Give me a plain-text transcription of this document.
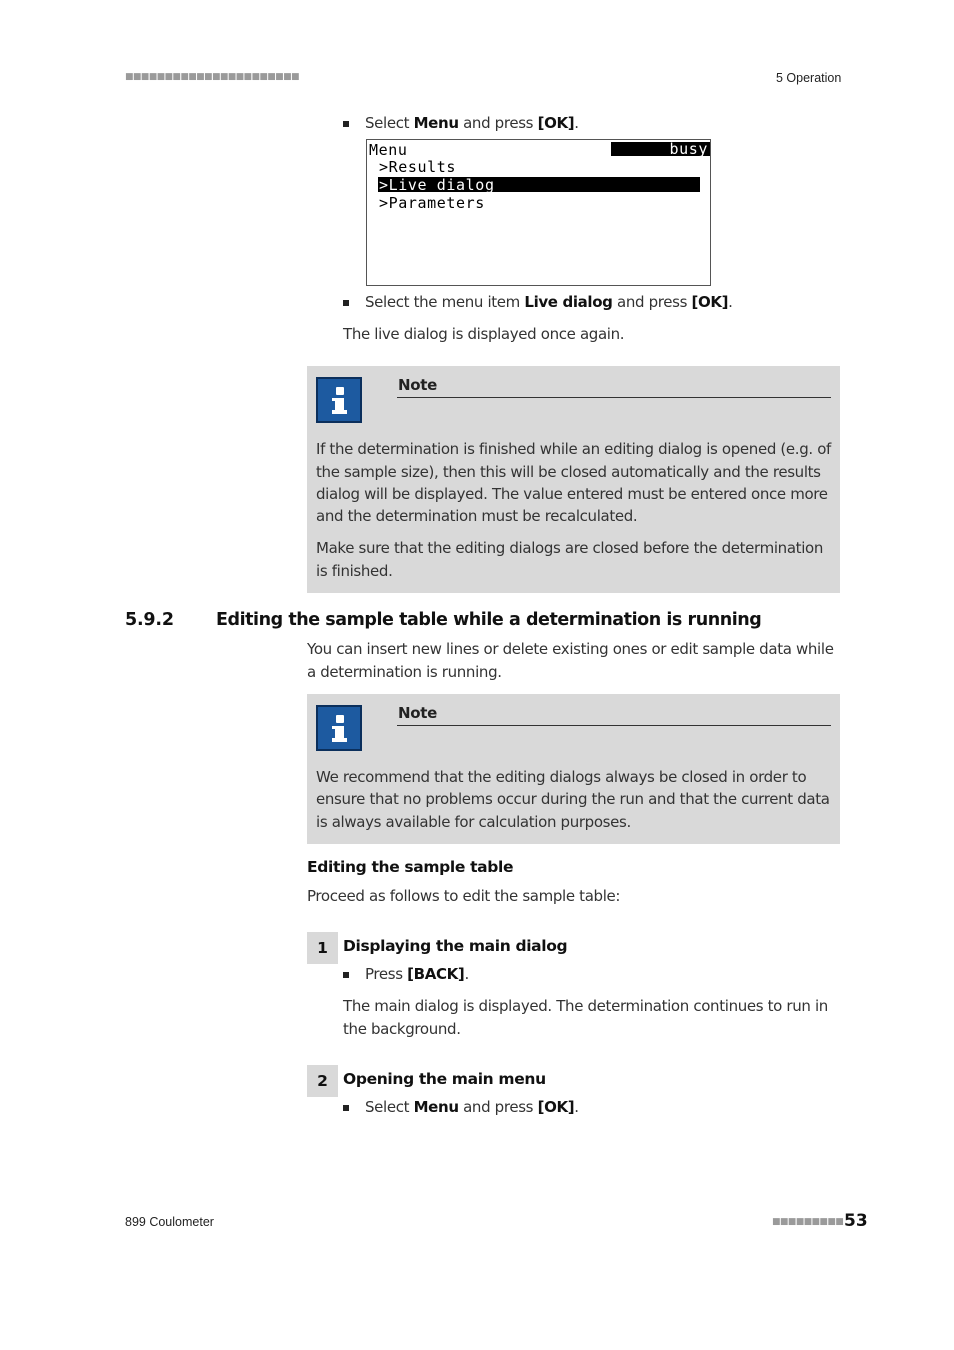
■■■■■■■■■■■■■■■■■■■■■■	5 Operation
Select Menu and press [OK].
Menu	busy
>Results
>Live dialog
>Parameters
Select the menu item Live dialog and press [OK].
The live dialog is displayed once again.
Note
If the determination is finished while an editing dialog is opened (e.g. of
the sample size), then this will be closed automatically and the results
dialog will be displayed. The value entered must be entered once more
and the determination must be recalculated.
Make sure that the editing dialogs are closed before the determination
is finished.
5.9.2 Editing the sample table while a determination is running
You can insert new lines or delete existing ones or edit sample data while
a determination is running.
Note
We recommend that the editing dialogs always be closed in order to
ensure that no problems occur during the run and that the current data
is always available for calculation purposes.
Editing the sample table
Proceed as follows to edit the sample table:
1 Displaying the main dialog
Press [BACK].
The main dialog is displayed. The determination continues to run in
the background.
2 Opening the main menu
Select Menu and press [OK].
899 Coulometer	■■■■■■■■■ 53
